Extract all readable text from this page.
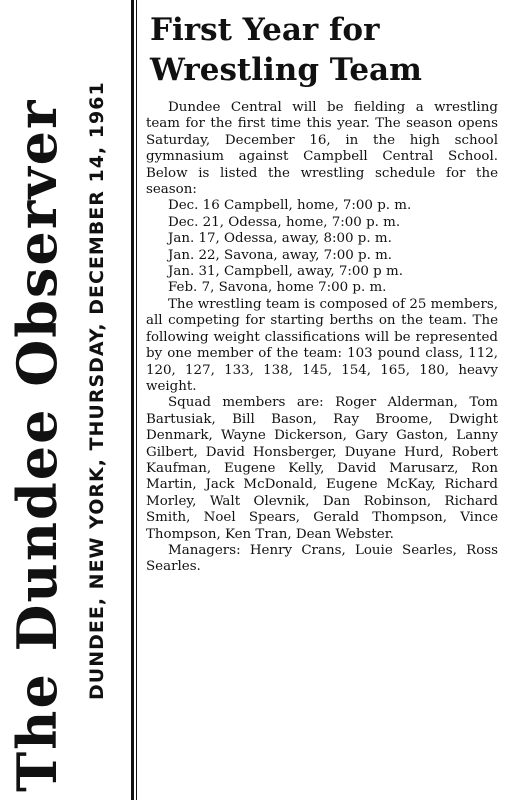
The Dundee Observer DUNDEE, NEW YORK, THURSDAY, DECEMBER 14, 1961
First Year for
Wrestling Team

Dundee Central will be fielding a wrestling team for the first time this year. The season opens Saturday, December 16, in the high school gymnasium against Campbell Central School. Below is listed the wrestling schedule for the season:

Dec. 16 Campbell, home, 7:00 p. m.
Dec. 21, Odessa, home, 7:00 p. m.
Jan. 17, Odessa, away, 8:00 p. m.
Jan. 22, Savona, away, 7:00 p. m.
Jan. 31, Campbell, away, 7:00 p m.
Feb. 7, Savona, home 7:00 p. m.

The wrestling team is composed of 25 members, all competing for starting berths on the team. The following weight classifications will be represented by one member of the team: 103 pound class, 112, 120, 127, 133, 138, 145, 154, 165, 180, heavy weight.

Squad members are: Roger Alderman, Tom Bartusiak, Bill Bason, Ray Broome, Dwight Denmark, Wayne Dickerson, Gary Gaston, Lanny Gilbert, David Honsberger, Duyane Hurd, Robert Kaufman, Eugene Kelly, David Marusarz, Ron Martin, Jack McDonald, Eugene McKay, Richard Morley, Walt Olevnik, Dan Robinson, Richard Smith, Noel Spears, Gerald Thompson, Vince Thompson, Ken Tran, Dean Webster.

Managers: Henry Crans, Louie Searles, Ross Searles.
